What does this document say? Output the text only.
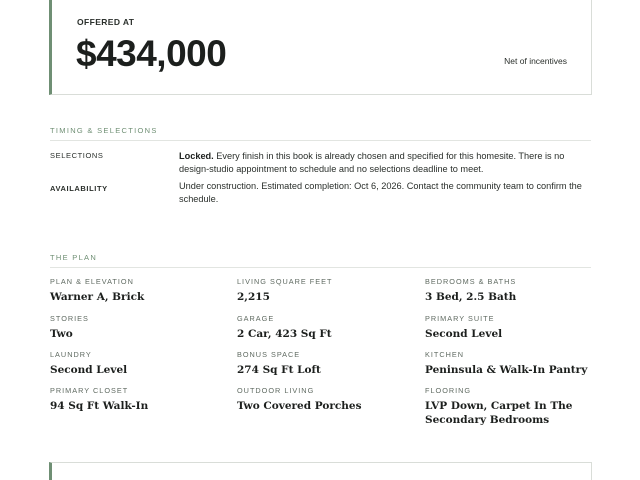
OFFERED AT
$434,000	Net of incentives
TIMING & SELECTIONS
SELECTIONS	Locked. Every finish in this book is already chosen and specified for this homesite. There is no design-studio appointment to schedule and no selections deadline to meet.
AVAILABILITY	Under construction. Estimated completion: Oct 6, 2026. Contact the community team to confirm the schedule.
THE PLAN
PLAN & ELEVATION
Warner A, Brick
LIVING SQUARE FEET
2,215
BEDROOMS & BATHS
3 Bed, 2.5 Bath
STORIES
Two
GARAGE
2 Car, 423 Sq Ft
PRIMARY SUITE
Second Level
LAUNDRY
Second Level
BONUS SPACE
274 Sq Ft Loft
KITCHEN
Peninsula & Walk-In Pantry
PRIMARY CLOSET
94 Sq Ft Walk-In
OUTDOOR LIVING
Two Covered Porches
FLOORING
LVP Down, Carpet In The Secondary Bedrooms
